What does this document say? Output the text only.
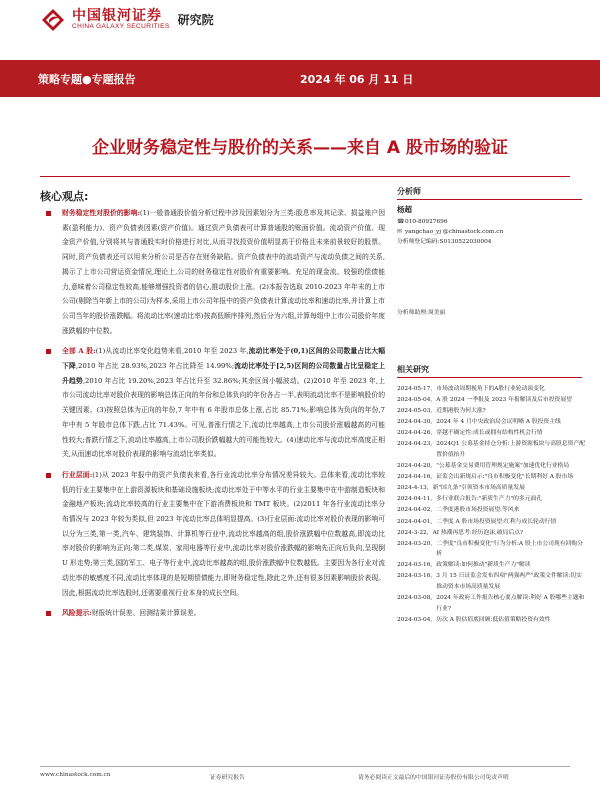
中国银河证券
CHINA GALAXY SECURITIES 研究院
策略专题●专题报告	2024 年 06 月 11 日
企业财务稳定性与股价的关系——来自 A 股市场的验证
核心观点:
财务稳定性对股价的影响:(1)一般普通股价值分析过程中涉及因素划分为三类:股息率及其记录、损益账户因素(盈利能力)、资产负债表因素(资产价值)。通过资产负债表可计算普通股的账面价值。流动资产价值、现金资产价值,分别将其与普通股实时价格进行对比,从而寻找投资价值明显高于价格且未来前景较好的股票。同时,资产负债表还可以用来分析公司是否存在财务缺陷。资产负债表中的流动资产与流动负债之间的关系,揭示了上市公司营运资金情况,理论上,公司的财务稳定性对股价有重要影响。充足的现金流、较强的偿债能力,意味着公司稳定性较高,能够增强投资者的信心,推动股价上涨。(2)本报告选取 2010-2023 年年末的上市公司(剔除当年新上市的公司)为样本,采用上市公司年报中的资产负债表计算流动比率和速动比率,并计算上市公司当年的股价涨跌幅。将流动比率(速动比率)按高低顺序排列,然后分为六组,计算每组中上市公司股价年度涨跌幅的中位数。
全部 A 股:(1)从流动比率变化趋势来看,2010 年至 2023 年,流动比率处于(0,1)区间的公司数量占比大幅下降,2010 年占比 28.93%,2023 年占比降至 14.99%;流动比率处于[2,5)区间的公司数量占比呈稳定上升趋势,2010 年占比 19.20%,2023 年占比升至 32.86%;其余区间小幅波动。(2)2010 年至 2023 年,上市公司流动比率对股价表现的影响总体正向的年份和总体负向的年份各占一半,表明流动比率不是影响股价的关键因素。(3)按照总体为正向的年份,7 年中有 6 年股市总体上涨,占比 85.71%;影响总体为负向的年份,7 年中有 5 年股市总体下跌,占比 71.43%。可见,普涨行情之下,流动比率越高,上市公司股价涨幅越高的可能性较大;普跌行情之下,流动比率越高,上市公司股价跌幅越大的可能性较大。(4)速动比率与流动比率高度正相关,从而速动比率对股价表现的影响与流动比率类似。
行业层面:(1)从 2023 年报中的资产负债表来看,各行业流动比率分布情况差异较大。总体来看,流动比率较低的行业主要集中在上游资源板块和基础设施板块;流动比率处于中等水平的行业主要集中在中游制造板块和金融地产板块;流动比率较高的行业主要集中在下游消费板块和 TMT 板块。(2)2011 年各行业流动比率分布情况与 2023 年较为类似,但 2023 年流动比率总体明显提高。(3)行业层面:流动比率对股价表现的影响可以分为三类,第一类,汽车、建筑装饰、计算机等行业中,流动比率越高的组,股价涨跌幅中位数越高,即流动比率对股价的影响为正向;第二类,煤炭、家用电器等行业中,流动比率对股价涨跌幅的影响先正向后负向,呈现倒 U 形走势;第三类,国防军工、电子等行业中,流动比率越高的组,股价涨跌幅中位数越低。主要因为各行业对流动比率的敏感度不同,流动比率体现的是短期偿债能力,即财务稳定性,除此之外,还有很多因素影响股价表现。因此,根据流动比率选股时,还需要重视行业本身的成长空间。
风险提示:财报统计误差、回测结果计算误差。
分析师
杨超
☎ 010-80927696
✉ yangchao_yj @chinastock.com.cn
分析师登记编码:S0130522030004
分析师助理:周美丽
相关研究
2024-05-17, 市场波动周期视角下的A股行业轮动演变化
2024-05-04, A 股 2024 一季报及 2023 年报解读及后市投资展望
2024-05-03, 近期港股为何大涨?
2024-04-30, 2024 年 4 月中央政治局会议明晰 A 股投资主线
2024-04-26, 穿越不确定性:成长或拥有结构性机会行情
2024-04-23, 2024Q1 公募基金持仓分析:上游资源板块与高股息资产配置价值抬升
2024-04-20, "公募基金交易费用管理规定施案"加速优化行业格局
2024-04-16, 证监会出新规启示:"良市积极变化"长期利好 A 股市场
2024-4-13, 新"国九条"引领资本市场高质量发展
2024-04-11, 多行业联合报告:"新质生产力"的多元面孔
2024-04-02, 二季度港股市场投资展望:等风来
2024-04-01, 二季度 A 股市场投资展望:红利与成长轮动行情
2024-3-22, AI 热潮再思考:经历泡沫,破局后点?
2024-03-20, 二季度"良市积极变化"行为分析:A 股上市公司现有回购分析
2024-03-16, 政策解读:如何推动"新质生产力"解读
2024-03-16, 3 月 15 日证监会发布四项"两强两严"政策文件解读:切实推动资本市场高质量发展
2024-03-08, 2024 年政府工作报告核心要点解读:利好 A 股哪些主题和行业?
2024-03-04, 历次 A 股估值底回顾:低估值策略投资有效性
www.chinastock.com.cn	证券研究报告	请务必阅读正文最后的中国银河证券股份有限公司免责声明
